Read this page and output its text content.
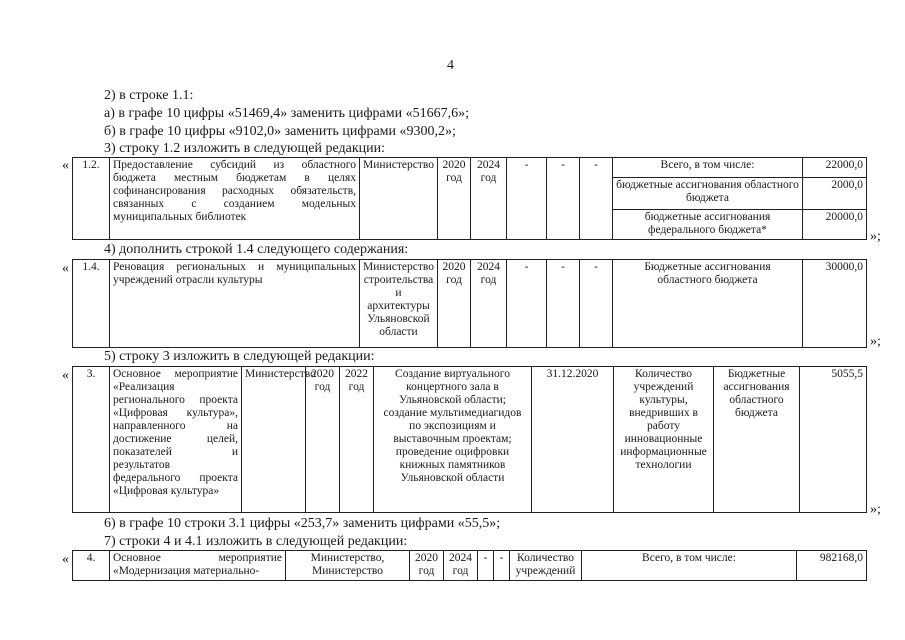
4
2) в строке 1.1:
а) в графе 10 цифры «51469,4» заменить цифрами «51667,6»;
б) в графе 10 цифры «9102,0» заменить цифрами «9300,2»;
3) строку 1.2 изложить в следующей редакции:
« 1.2.	Предоставление субсидий из областного бюджета местным бюджетам в целях софинансирования расходных обязательств, связанных с созданием модельных муниципальных библиотек	Министерство	2020 год	2024 год	-	-	-	Всего, в том числе:	22000,0
								бюджетные ассигнования областного бюджета	2000,0
								бюджетные ассигнования федерального бюджета*	20000,0
»;
4) дополнить строкой 1.4 следующего содержания:
« 1.4.	Реновация региональных и муниципальных учреждений отрасли культуры	Министерство строительства и архитектуры Ульяновской области	2020 год	2024 год	-	-	-	Бюджетные ассигнования областного бюджета	30000,0
»;
5) строку 3 изложить в следующей редакции:
« 3.	Основное мероприятие «Реализация регионального проекта «Цифровая культура», направленного на достижение целей, показателей и результатов федерального проекта «Цифровая культура»	Министерство	2020 год	2022 год	Создание виртуального концертного зала в Ульяновской области; создание мультимедиагидов по экспозициям и выставочным проектам; проведение оцифровки книжных памятников Ульяновской области	31.12.2020	Количество учреждений культуры, внедривших в работу инновационные информационные технологии	Бюджетные ассигнования областного бюджета	5055,5
»;
6) в графе 10 строки 3.1 цифры «253,7» заменить цифрами «55,5»;
7) строки 4 и 4.1 изложить в следующей редакции:
« 4.	Основное мероприятие «Модернизация материально-	Министерство, Министерство	2020 год	2024 год	-	-	Количество учреждений	Всего, в том числе:	982168,0
